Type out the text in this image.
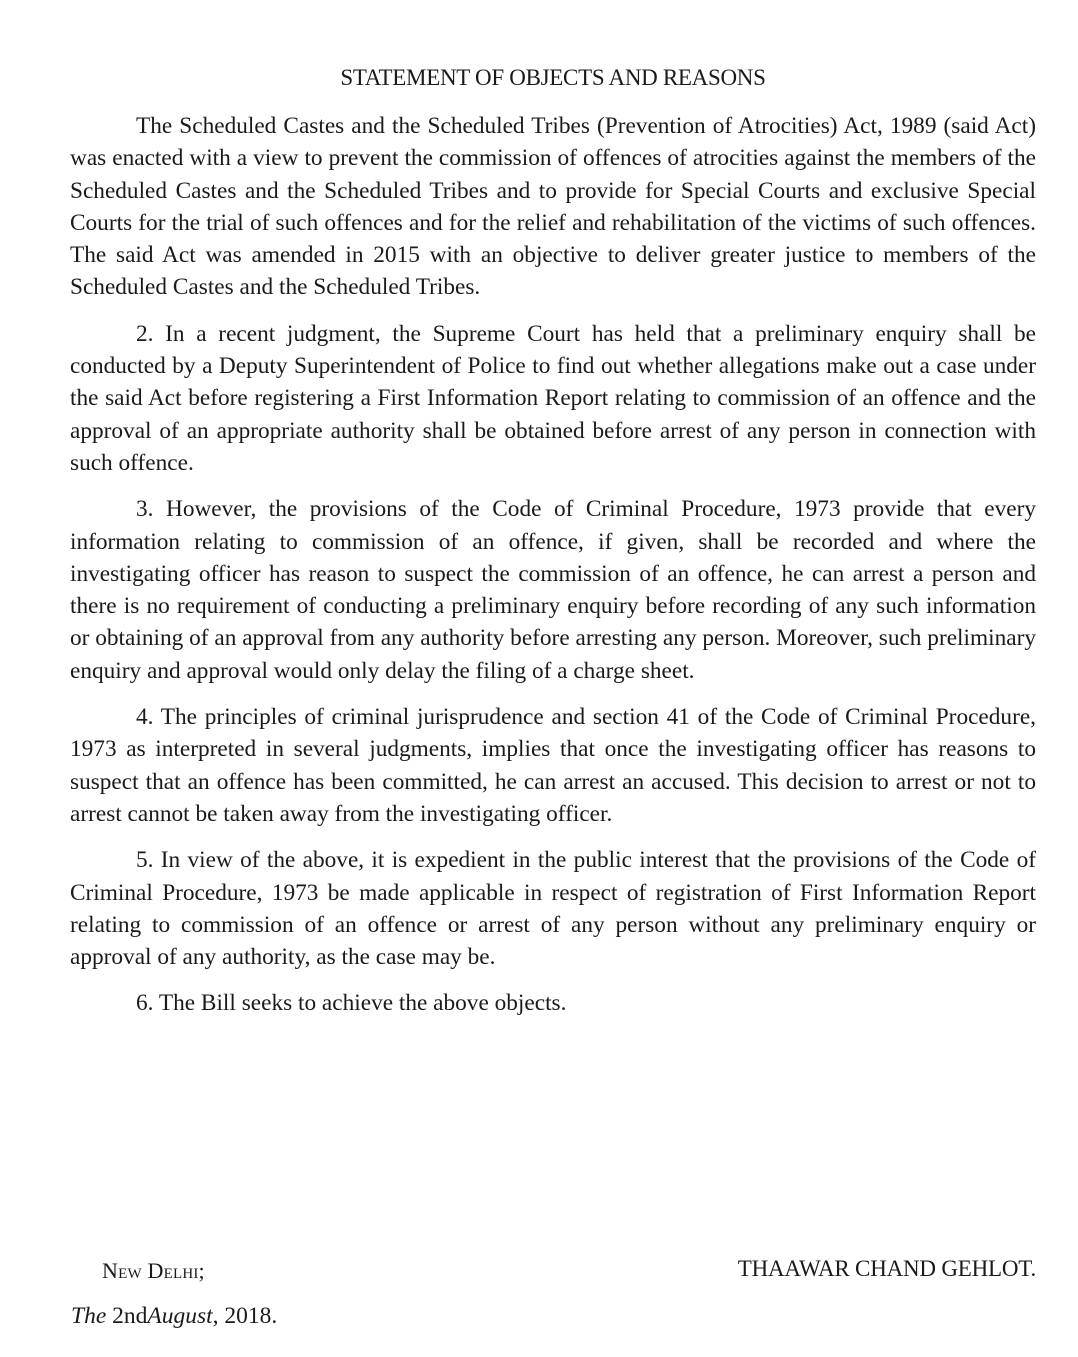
STATEMENT OF OBJECTS AND REASONS

The Scheduled Castes and the Scheduled Tribes (Prevention of Atrocities) Act, 1989 (said Act) was enacted with a view to prevent the commission of offences of atrocities against the members of the Scheduled Castes and the Scheduled Tribes and to provide for Special Courts and exclusive Special Courts for the trial of such offences and for the relief and rehabilitation of the victims of such offences. The said Act was amended in 2015 with an objective to deliver greater justice to members of the Scheduled Castes and the Scheduled Tribes.

2. In a recent judgment, the Supreme Court has held that a preliminary enquiry shall be conducted by a Deputy Superintendent of Police to find out whether allegations make out a case under the said Act before registering a First Information Report relating to commission of an offence and the approval of an appropriate authority shall be obtained before arrest of any person in connection with such offence.

3. However, the provisions of the Code of Criminal Procedure, 1973 provide that every information relating to commission of an offence, if given, shall be recorded and where the investigating officer has reason to suspect the commission of an offence, he can arrest a person and there is no requirement of conducting a preliminary enquiry before recording of any such information or obtaining of an approval from any authority before arresting any person. Moreover, such preliminary enquiry and approval would only delay the filing of a charge sheet.

4. The principles of criminal jurisprudence and section 41 of the Code of Criminal Procedure, 1973 as interpreted in several judgments, implies that once the investigating officer has reasons to suspect that an offence has been committed, he can arrest an accused. This decision to arrest or not to arrest cannot be taken away from the investigating officer.

5. In view of the above, it is expedient in the public interest that the provisions of the Code of Criminal Procedure, 1973 be made applicable in respect of registration of First Information Report relating to commission of an offence or arrest of any person without any preliminary enquiry or approval of any authority, as the case may be.

6. The Bill seeks to achieve the above objects.

New Delhi;	THAAWAR CHAND GEHLOT.
The 2ndAugust, 2018.
